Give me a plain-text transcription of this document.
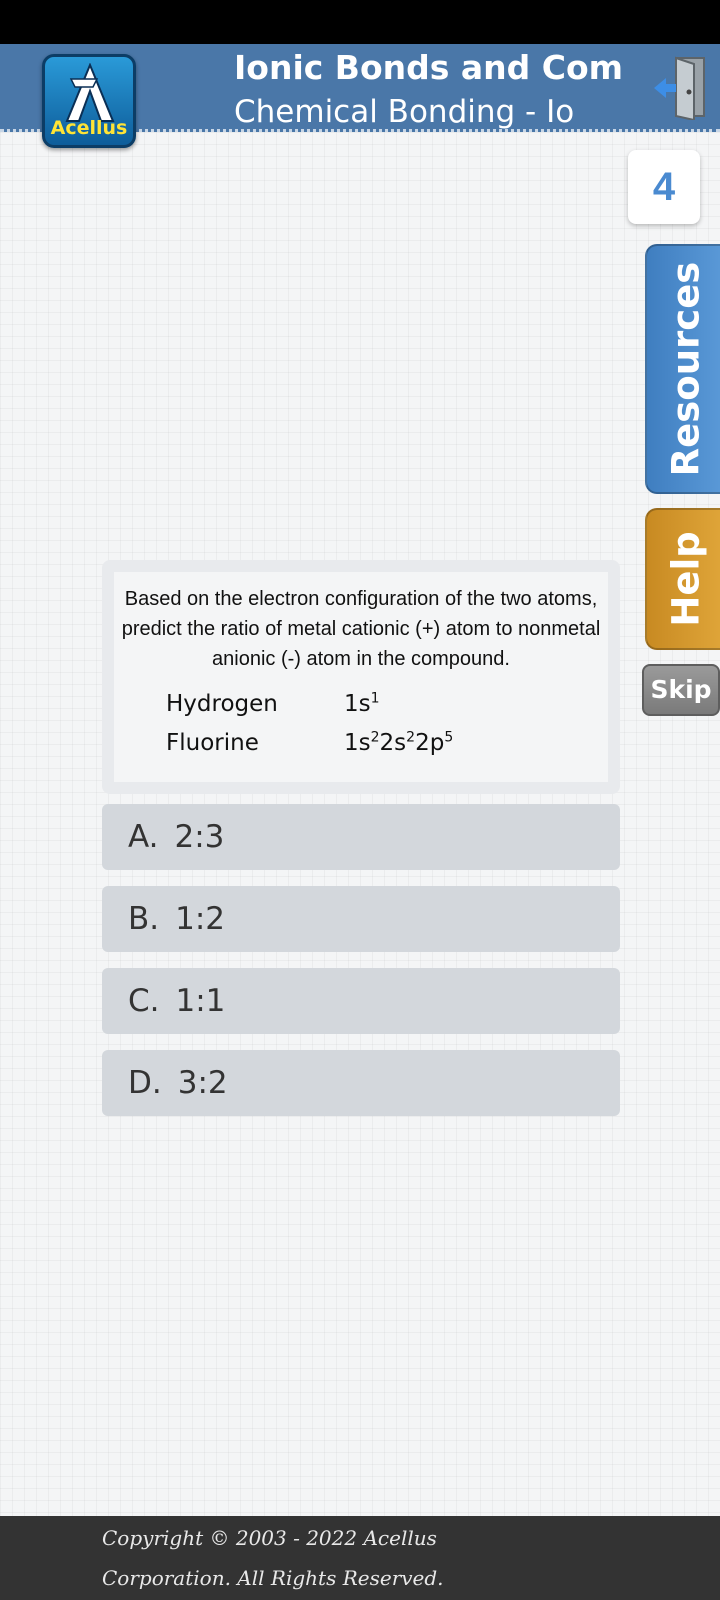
Acellus
Ionic Bonds and Com
Chemical Bonding - Io
4
Resources
Help
Skip
Based on the electron configuration of the two atoms, predict the ratio of metal cationic (+) atom to nonmetal anionic (-) atom in the compound.
Hydrogen	$1s^1$
Fluorine	$1s^22s^22p^5$
A. 2:3
B. 1:2
C. 1:1
D. 3:2
Copyright © 2003 - 2022 Acellus
Corporation. All Rights Reserved.
